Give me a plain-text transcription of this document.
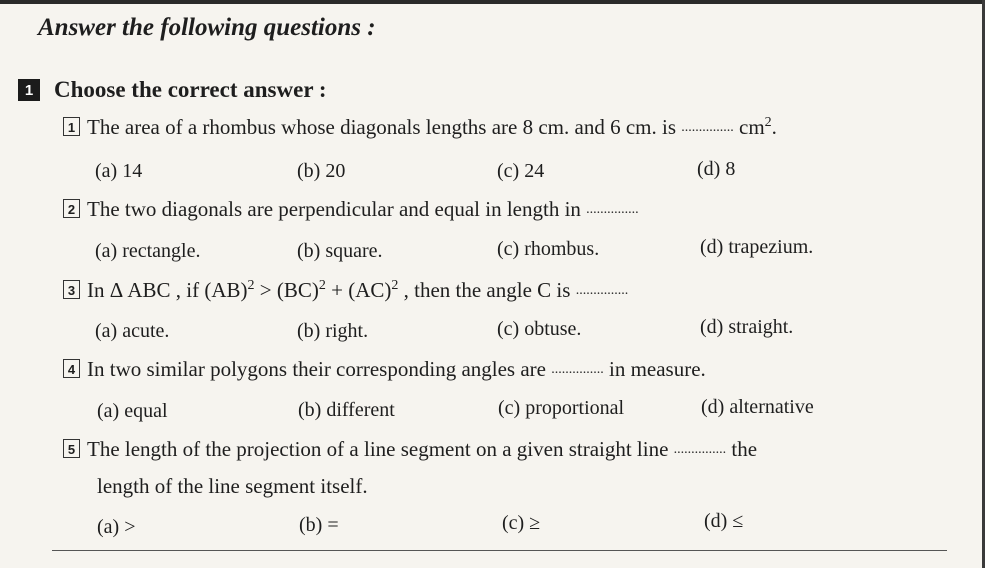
Answer the following questions :
1 Choose the correct answer :
1 The area of a rhombus whose diagonals lengths are 8 cm. and 6 cm. is ............... $cm^2$.
(a) 14	(b) 20	(c) 24	(d) 8
2 The two diagonals are perpendicular and equal in length in ...............
(a) rectangle.	(b) square.	(c) rhombus.	(d) trapezium.
3 In Δ ABC , if (AB)$^2$ > (BC)$^2$ + (AC)$^2$ , then the angle C is ...............
(a) acute.	(b) right.	(c) obtuse.	(d) straight.
4 In two similar polygons their corresponding angles are ............... in measure.
(a) equal	(b) different	(c) proportional	(d) alternative
5 The length of the projection of a line segment on a given straight line ............... the
length of the line segment itself.
(a) >	(b) =	(c) ≥	(d) ≤
